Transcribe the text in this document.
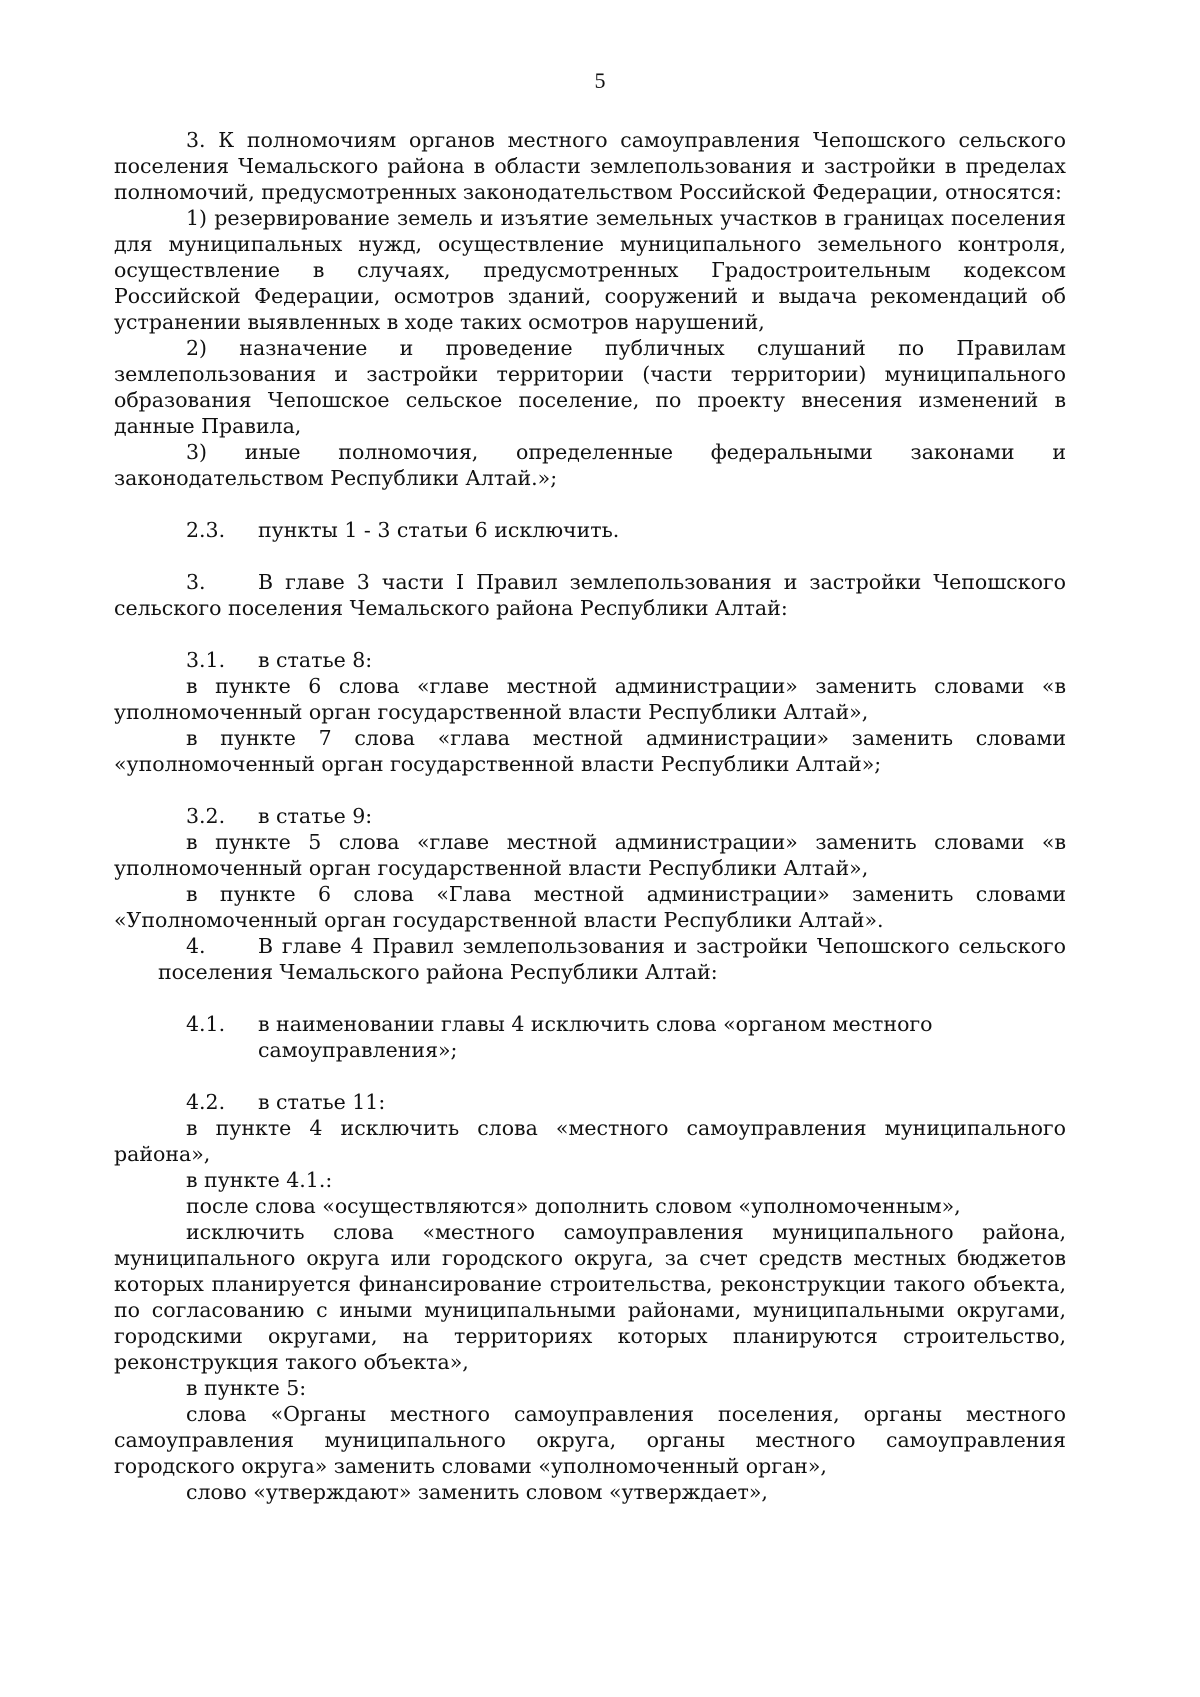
5

3. К полномочиям органов местного самоуправления Чепошского сельского поселения Чемальского района в области землепользования и застройки в пределах полномочий, предусмотренных законодательством Российской Федерации, относятся:

1) резервирование земель и изъятие земельных участков в границах поселения для муниципальных нужд, осуществление муниципального земельного контроля, осуществление в случаях, предусмотренных Градостроительным кодексом Российской Федерации, осмотров зданий, сооружений и выдача рекомендаций об устранении выявленных в ходе таких осмотров нарушений,

2) назначение и проведение публичных слушаний по Правилам землепользования и застройки территории (части территории) муниципального образования Чепошское сельское поселение, по проекту внесения изменений в данные Правила,

3) иные полномочия, определенные федеральными законами и законодательством Республики Алтай.»;

2.3.	пункты 1 - 3 статьи 6 исключить.

3.	В главе 3 части I Правил землепользования и застройки Чепошского сельского поселения Чемальского района Республики Алтай:

3.1.	в статье 8:

в пункте 6 слова «главе местной администрации» заменить словами «в уполномоченный орган государственной власти Республики Алтай»,

в пункте 7 слова «глава местной администрации» заменить словами «уполномоченный орган государственной власти Республики Алтай»;

3.2.	в статье 9:

в пункте 5 слова «главе местной администрации» заменить словами «в уполномоченный орган государственной власти Республики Алтай»,

в пункте 6 слова «Глава местной администрации» заменить словами «Уполномоченный орган государственной власти Республики Алтай».

4.	В главе 4 Правил землепользования и застройки Чепошского сельского

поселения Чемальского района Республики Алтай:

4.1.	в наименовании главы 4 исключить слова «органом местного самоуправления»;
4.2.	в статье 11:

в пункте 4 исключить слова «местного самоуправления муниципального района»,

в пункте 4.1.:

после слова «осуществляются» дополнить словом «уполномоченным»,

исключить слова «местного самоуправления муниципального района, муниципального округа или городского округа, за счет средств местных бюджетов которых планируется финансирование строительства, реконструкции такого объекта, по согласованию с иными муниципальными районами, муниципальными округами, городскими округами, на территориях которых планируются строительство, реконструкция такого объекта»,

в пункте 5:

слова «Органы местного самоуправления поселения, органы местного самоуправления муниципального округа, органы местного самоуправления городского округа» заменить словами «уполномоченный орган»,

слово «утверждают» заменить словом «утверждает»,
